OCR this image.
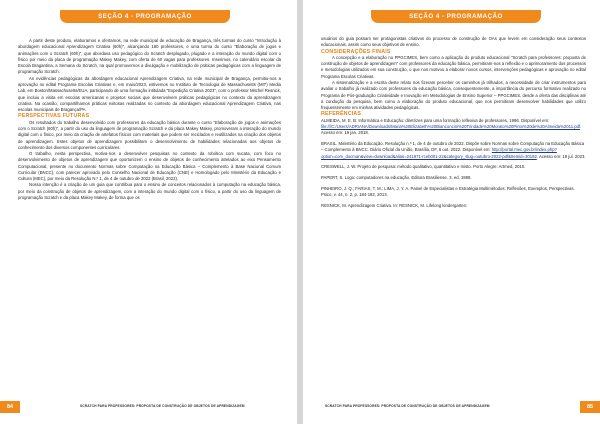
SEÇÃO 4 - PROGRAMAÇÃO

A partir deste produto, elaboramos e ofertamos, na rede municipal de educação de Bragança, três turmas do curso "Introdução à abordagem educacional Aprendizagem Criativa (60h)", alcançando 180 professores, e uma turma do curso "Elaboração de jogos e animações com o Scratch (60h)", que abordava uso pedagógico do Scratch desplugado, plugado e a interação do mundo digital com o físico por meio da placa de programação Makey Makey, com oferta de 60 vagas para professores. Inserimos, no calendário escolar da Escola Bragantina, a Semana do Scratch, na qual promovemos a divulgação e mobilização de práticas pedagógicas com a linguagem de programação Scratch.

As evidências pedagógicas da abordagem educacional Aprendizagem Criativa, na rede municipal de Bragança, permitiu-nos a aprovação no edital Programa Escolas Criativas e, em maio/2023, estivemos no Instituto de Tecnologia de Massachusetts (MIT) Media Lab, em Boston/Massachusetts/EUA, participando de uma formação intitulada "Expedição Criativa 2023", com o professor Mitchel Resnick, que incluiu a visita em escolas americanas e projetos sociais que desenvolvem práticas pedagógicas no contexto da aprendizagem criativa. Na ocasião, compartilhamos práticas exitosas realizadas no contexto da abordagem educacional Aprendizagem Criativa, nas escolas municipais de Bragança/PA.

PERSPECTIVAS FUTURAS

Os resultados do trabalho desenvolvido com professores da educação básica durante o curso "Elaboração de jogos e animações com o Scratch (60h)", a partir do uso da linguagem de programação Scratch e da placa Makey Makey, promoveram a interação do mundo digital com o físico, por meio da criação de artefatos físicos com materiais que podem ser reciclados e reutilizados na criação dos objetos de aprendizagem. Estes objetos de aprendizagem possibilitam o desenvolvimento de habilidades relacionadas aos objetos de conhecimento dos diversos componentes curriculares.

O trabalho, nesta perspectiva, motiva-nos a desenvolver pesquisas no contexto da robótica com sucata, com foco no desenvolvimento de objetos de aprendizagem que oportunizem o ensino de objetos de conhecimento atrelados ao eixo Pensamento Computacional, presente no documento Normas sobre Computação na Educação Básica – Complemento à Base Nacional Comum Curricular (BNCC), com parecer aprovado pelo Conselho Nacional de Educação (CNE) e Homologado pelo Ministério da Educação e Cultura (MEC), por meio da Resolução N.º 1, de 4 de outubro de 2022 (Brasil, 2022).

Nossa intenção é a criação de um guia que contribua para o ensino de conceitos relacionados à computação na educação básica, por meio da construção de objetos de aprendizagem, com a interação do mundo digital com o físico, a partir do uso da linguagem de programação Scratch e da placa Makey Makey, de forma que os

84	SCRATCH PARA PROFESSORES: PROPOSTA DE CONSTRUÇÃO DE OBJETOS DE APRENDIZAGEM
SEÇÃO 4 - PROGRAMAÇÃO

usuários do guia possam ser protagonistas criativos do processo de construção de OAs que levem em consideração seus contextos educacionais, assim como seus objetivos de ensino.

CONSIDERAÇÕES FINAIS

A concepção e a elaboração no PPGCIMES, bem como a aplicação do produto educacional "Scratch para professores: proposta de construção de objetos de aprendizagem" com professores da educação básica, permitiram-nos a reflexão e o aprimoramento dos processos e metodologias utilizados em sua construção, o que nos motivou a elaborar novos cursos, intervenções pedagógicas e aprovação no edital Programa Escolas Criativas.

A sistematização e a escrita deste relato nos fizeram perceber os caminhos já trilhados, a necessidade de criar instrumentos para avaliar o trabalho já realizado com professores da educação básica, consequentemente, a importância do percurso formativo realizado no Programa de Pós-graduação Criatividade e Inovação em Metodologias de Ensino Superior – PPGCIMES, desde a oferta das disciplinas até a condução da pesquisa, bem como a elaboração do produto educacional, que nos permitiram desenvolver habilidades que utilizo frequentemente em minhas atividades pedagógicas.

REFERÊNCIAS

ALMEIDA, M. E. B. Informática e Educação: diretrizes para uma formação reflexiva de professores, 1996. Disponível em: file:///C:/Users/ADRIANA/Downloads/Maria%20Elizabeth%20Bianconcini%20Trindade%20Morato%20Pinto%20de%20Almeida%2011.pdf. Acesso em: 19 jan. 2018.

BRASIL. Ministério da Educação. Resolução n.º 1, de 4 de outubro de 2022. Dispõe sobre Normas sobre Computação na Educação Básica – Complemento à BNCC. Diário Oficial da União, Brasília, DF, 6 out. 2022. Disponível em: http://portal.mec.gov.br/index.php?option=com_docman&view=download&alias=241871-rceb001-22&category_slug=outubro-2022-pdf&Itemid=30192. Acesso em: 19 jul. 2023.

CRESWELL, J. W. Projeto de pesquisa: método qualitativo, quantitativo e misto. Porto Alegre: Artmed, 2010.

PAPERT, S. Logo: computadores na educação. Editora Brasiliense. 3. ed. 1988.

PINHEIRO, J. Q.; FARIAS, T. M.; LIMA, J. Y. A. Painel de Especialistas e Estratégia Multimétodos: Reflexões, Exemplos, Perspectivas. Psico, v. 44, n. 2, p. 184-192, 2013.

RESNICK, M. Aprendizagem Criativa. In: RESNICK, M. Lifelong kindergarten:

SCRATCH PARA PROFESSORES: PROPOSTA DE CONSTRUÇÃO DE OBJETOS DE APRENDIZAGEM	85
